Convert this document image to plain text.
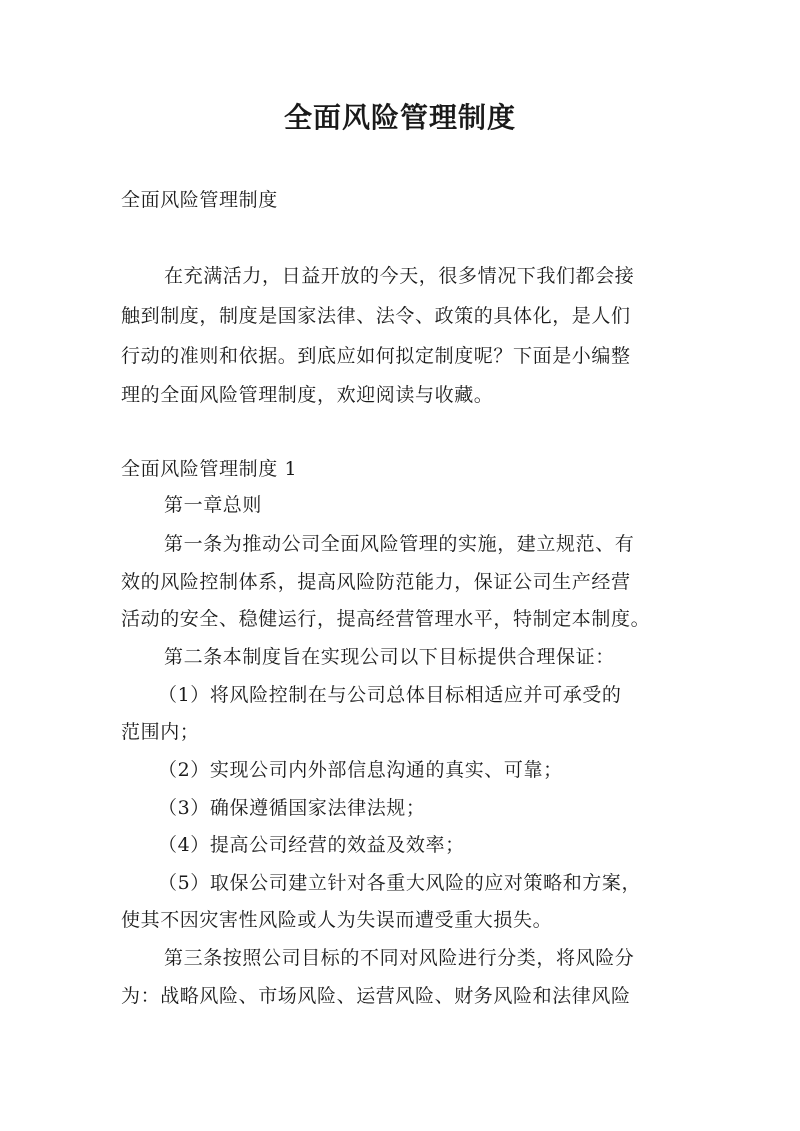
全面风险管理制度
全面风险管理制度
在充满活力，日益开放的今天，很多情况下我们都会接
触到制度，制度是国家法律、法令、政策的具体化，是人们
行动的准则和依据。到底应如何拟定制度呢？下面是小编整
理的全面风险管理制度，欢迎阅读与收藏。
全面风险管理制度 1
第一章总则
第一条为推动公司全面风险管理的实施，建立规范、有
效的风险控制体系，提高风险防范能力，保证公司生产经营
活动的安全、稳健运行，提高经营管理水平，特制定本制度。
第二条本制度旨在实现公司以下目标提供合理保证：
（1）将风险控制在与公司总体目标相适应并可承受的
范围内；
（2）实现公司内外部信息沟通的真实、可靠；
（3）确保遵循国家法律法规；
（4）提高公司经营的效益及效率；
（5）取保公司建立针对各重大风险的应对策略和方案，
使其不因灾害性风险或人为失误而遭受重大损失。
第三条按照公司目标的不同对风险进行分类，将风险分
为：战略风险、市场风险、运营风险、财务风险和法律风险
